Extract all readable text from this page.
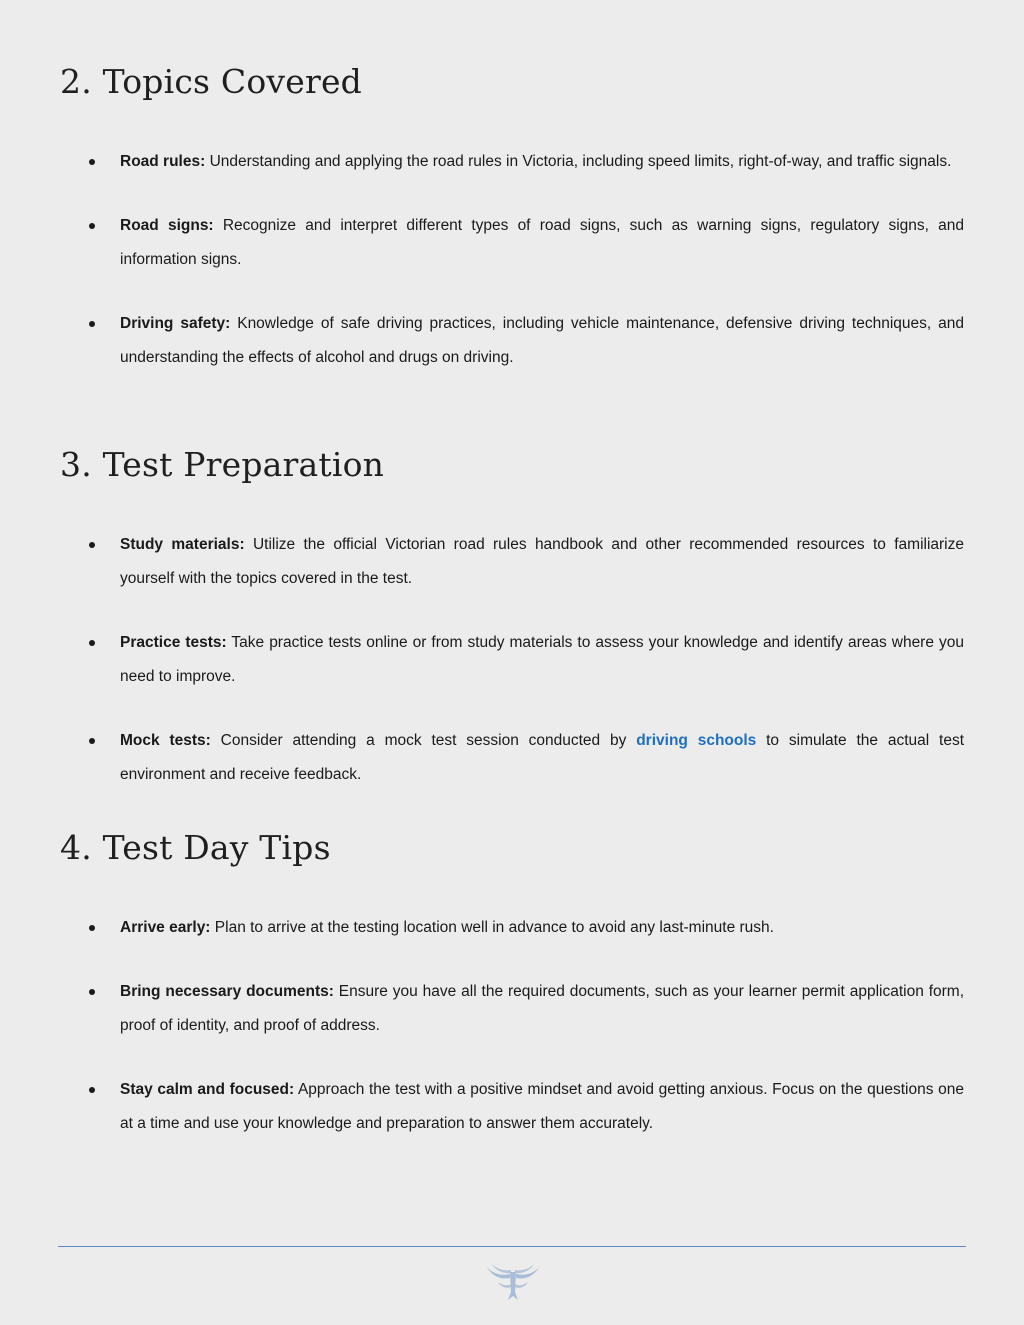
2. Topics Covered
Road rules: Understanding and applying the road rules in Victoria, including speed limits, right-of-way, and traffic signals.
Road signs: Recognize and interpret different types of road signs, such as warning signs, regulatory signs, and information signs.
Driving safety: Knowledge of safe driving practices, including vehicle maintenance, defensive driving techniques, and understanding the effects of alcohol and drugs on driving.
3. Test Preparation
Study materials: Utilize the official Victorian road rules handbook and other recommended resources to familiarize yourself with the topics covered in the test.
Practice tests: Take practice tests online or from study materials to assess your knowledge and identify areas where you need to improve.
Mock tests: Consider attending a mock test session conducted by driving schools to simulate the actual test environment and receive feedback.
4. Test Day Tips
Arrive early: Plan to arrive at the testing location well in advance to avoid any last-minute rush.
Bring necessary documents: Ensure you have all the required documents, such as your learner permit application form, proof of identity, and proof of address.
Stay calm and focused: Approach the test with a positive mindset and avoid getting anxious. Focus on the questions one at a time and use your knowledge and preparation to answer them accurately.
